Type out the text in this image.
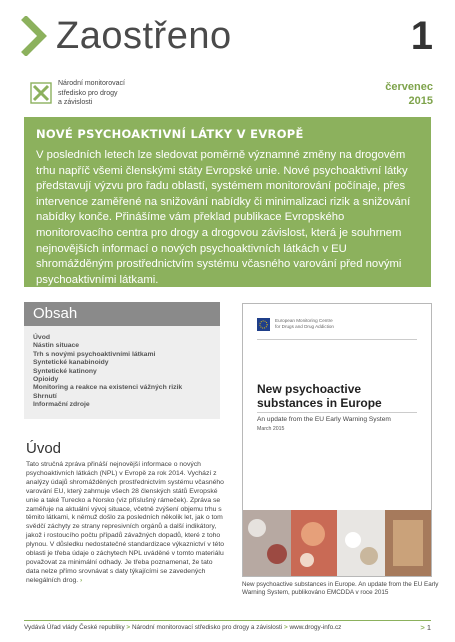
Zaostřeno	1
Národní monitorovací
středisko pro drogy
a závislosti
červenec
2015
NOVÉ PSYCHOAKTIVNÍ LÁTKY V EVROPĚ

V posledních letech lze sledovat poměrně významné změny na drogovém trhu napříč všemi členskými státy Evropské unie. Nové psychoaktivní látky představují výzvu pro řadu oblastí, systémem monitorování počínaje, přes intervence zaměřené na snižování nabídky či minimalizaci rizik a snižování nabídky konče. Přinášíme vám překlad publikace Evropského monitorovacího centra pro drogy a drogovou závislost, která je souhrnem nejnovějších informací o nových psychoaktivních látkách v EU shromážděným prostřednictvím systému včasného varování před novými psychoaktivními látkami.

Obsah
Úvod
Nástin situace
Trh s novými psychoaktivními látkami
Syntetické kanabinoidy
Syntetické katinony
Opioidy
Monitoring a reakce na existenci vážných rizik
Shrnutí
Informační zdroje
Úvod

Tato stručná zpráva přináší nejnovější informace o nových psychoaktivních látkách (NPL) v Evropě za rok 2014. Vychází z analýzy údajů shromážděných prostřednictvím systému včasného varování EU, který zahrnuje všech 28 členských států Evropské unie a také Turecko a Norsko (viz příslušný rámeček). Zpráva se zaměřuje na aktuální vývoj situace, včetně zvýšení objemu trhu s těmito látkami, k němuž došlo za posledních několik let, jak o tom svědčí záchyty ze strany represivních orgánů a další indikátory, jakož i rostoucího počtu případů závažných dopadů, které z toho plynou. V důsledku nedostatečné standardizace výkaznictví v této oblasti je třeba údaje o záchytech NPL uváděné v tomto materiálu považovat za minimální odhady. Je třeba poznamenat, že tato data nelze přímo srovnávat s daty týkajícími se zavedených nelegálních drog. ›

European Monitoring Centre
for Drugs and Drug Addiction
New psychoactive
substances in Europe
An update from the EU Early Warning System
March 2015
New psychoactive substances in Europe. An update from the EU Early Warning System, publikováno EMCDDA v roce 2015
Vydává Úřad vlády České republiky > Národní monitorovací středisko pro drogy a závislosti > www.drogy-info.cz	> 1
